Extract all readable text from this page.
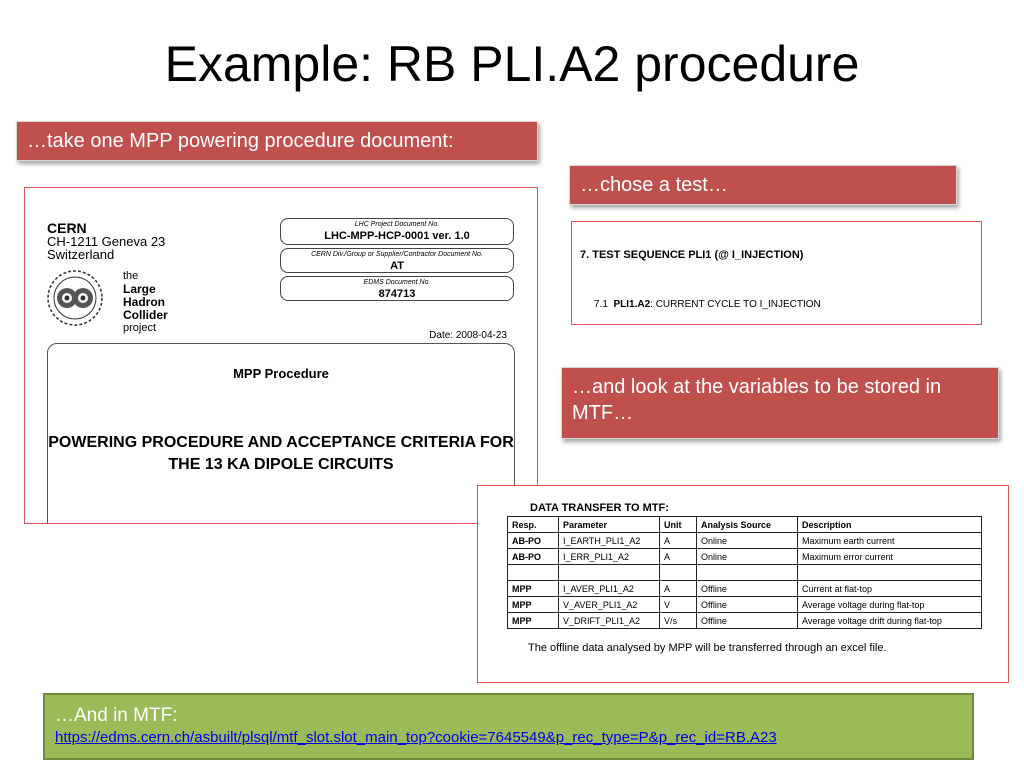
Example: RB PLI.A2 procedure
…take one MPP powering procedure document:
…chose a test…
…and look at the variables to be stored in MTF…
CERN
CH-1211 Geneva 23
Switzerland
the
Large
Hadron
Collider
project
LHC Project Document No.
LHC-MPP-HCP-0001 ver. 1.0
CERN Div./Group or Supplier/Contractor Document No.
AT
EDMS Document No.
874713
Date: 2008-04-23
MPP Procedure
POWERING PROCEDURE AND ACCEPTANCE CRITERIA FOR THE 13 KA DIPOLE CIRCUITS
7. TEST SEQUENCE PLI1 (@ I_INJECTION)
7.1 PLI1.A2: CURRENT CYCLE TO I_INJECTION
DATA TRANSFER TO MTF:
Resp.	Parameter	Unit	Analysis Source	Description
AB-PO	I_EARTH_PLI1_A2	A	Online	Maximum earth current
AB-PO	I_ERR_PLI1_A2	A	Online	Maximum error current

MPP	I_AVER_PLI1_A2	A	Offline	Current at flat-top
MPP	V_AVER_PLI1_A2	V	Offline	Average voltage during flat-top
MPP	V_DRIFT_PLI1_A2	V/s	Offline	Average voltage drift during flat-top
The offline data analysed by MPP will be transferred through an excel file.
…And in MTF:
https://edms.cern.ch/asbuilt/plsql/mtf_slot.slot_main_top?cookie=7645549&p_rec_type=P&p_rec_id=RB.A23
